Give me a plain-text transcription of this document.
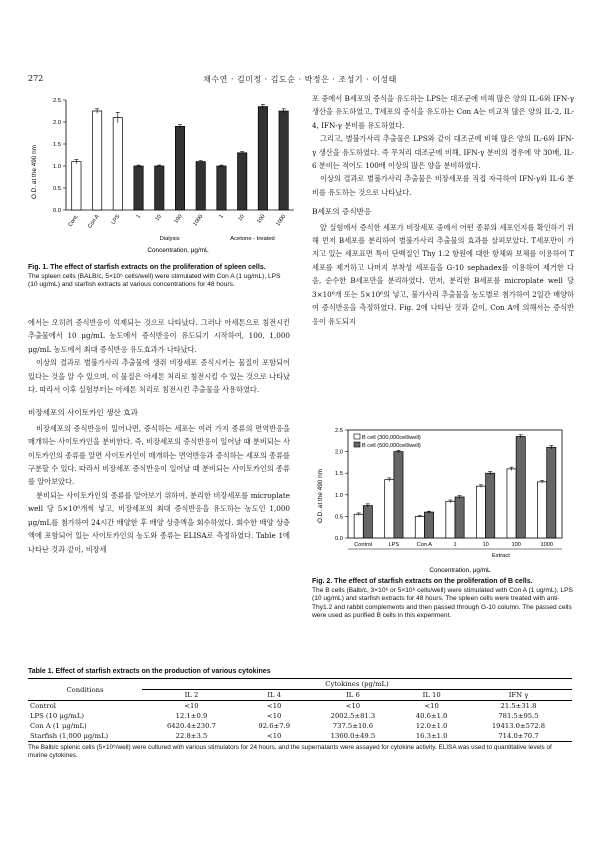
272	채수연 · 김미정 · 김도순 · 박정은 · 조성기 · 이성태
O.D. at the 490 nm
0.0
0.5
1.0
1.5
2.0
2.5
Cont. Con A LPS	1 10 100 1000	1 10 100 1000
Dialysis	Acetone - treated
Concentration, μg/mL
Fig. 1. The effect of starfish extracts on the proliferation of spleen cells.
The spleen cells (BALB/c, 5×10⁶ cells/well) were stimulated with Con A (1 ug/mL), LPS (10 ug/mL) and starfish extracts at various concentrations for 48 hours.

에서는 오히려 증식반응이 억제되는 것으로 나타났다. 그러나 아세톤으로 침전시킨 추출물에서 10 μg/mL 농도에서 증식반응이 유도되기 시작하여, 100, 1,000 μg/mL 농도에서 최대 증식반응 유도효과가 나타났다.

이상의 결과로 별불가사리 추출물에 생쥐 비장세포 증식시키는 물질이 포함되어 있다는 것을 알 수 있으며, 이 물질은 아세톤 처리로 침전시킬 수 있는 것으로 나타났다. 따라서 이후 실험부터는 아세톤 처리로 침전시킨 추출물을 사용하였다.

비장세포의 사이토카인 생산 효과

비장세포의 증식반응이 일어나면, 증식하는 세포는 여러 가지 종류의 면역반응을 매개하는 사이토카인을 분비한다. 즉, 비장세포의 증식반응이 일어날 때 분비되는 사이토카인의 종류를 알면 사이토카인이 매개하는 면역반응과 증식하는 세포의 종류를 구분할 수 있다. 따라서 비장세포 증식반응이 일어날 때 분비되는 사이토카인의 종류를 알아보았다.

분비되는 사이토카인의 종류를 알아보기 위하여, 분리한 비장세포를 microplate well 당 5×10⁶개씩 넣고, 비장세포의 최대 증식반응을 유도하는 농도인 1,000 μg/mL를 첨가하여 24시간 배양한 후 배양 상층액을 회수하였다. 회수한 배양 상층액에 포함되어 있는 사이토카인의 농도와 종류는 ELISA로 측정하였다. Table 1에 나타난 것과 같이, 비장세

포 중에서 B세포의 증식을 유도하는 LPS는 대조군에 비해 많은 양의 IL-6와 IFN-γ 생산을 유도하였고, T세포의 증식을 유도하는 Con A는 비교적 많은 양의 IL-2, IL-4, IFN-γ 분비를 유도하였다.

그리고, 별불가사리 추출물은 LPS와 같이 대조군에 비해 많은 양의 IL-6와 IFN-γ 생산을 유도하였다. 즉 무처리 대조군에 비해, IFN-γ 분비의 경우에 약 30배, IL-6 분비는 적어도 100배 이상의 많은 양을 분비하였다.

이상의 결과로 별불가사리 추출물은 비장세포를 직접 자극하여 IFN-γ와 IL-6 분비를 유도하는 것으로 나타났다.

B세포의 증식반응

앞 실험에서 증식한 세포가 비장세포 중에서 어떤 종류의 세포인지를 확인하기 위해 먼저 B세포를 분리하여 별불가사리 추출물의 효과를 살펴보았다. T세포만이 가지고 있는 세포표면 특이 단백질인 Thy 1.2 항원에 대한 항체와 보체를 이용하여 T세포를 제거하고 나머지 부착성 세포들을 G-10 sephadex를 이용하여 제거한 다음, 순수한 B세포만을 분리하였다. 먼저, 분리한 B세포를 microplate well 당 3×10⁶개 또는 5×10⁶의 넣고, 불가사리 추출물을 농도별로 첨가하여 2일간 배양하여 증식반응을 측정하였다. Fig. 2에 나타난 것과 같이, Con A에 의해서는 증식반응이 유도되지

O.D. at the 490 nm
0.0
0.5
1.0
1.5
2.0
2.5
Control	LPS	Con A	1	10	100	1000
Extract
B cell (300,000cell/well)
B cell (500,000cell/well)
Concentration, μg/mL
Fig. 2. The effect of starfish extracts on the proliferation of B cells.
The B cells (Balb/c, 3×10⁶ or 5×10⁶ cells/well) were stimulated with Con A (1 ug/mL), LPS (10 ug/mL) and starfish extracts for 48 hours. The spleen cells were treated with anti-Thy1.2 and rabbit complements and then passed through G-10 column. The passed cells were used as purified B cells in this experiment.
Table 1. Effect of starfish extracts on the production of various cytokines
Conditions	Cytokines (pg/mL)				
	IL 2	IL 4	IL 6	IL 10	IFN γ
Control	<10	<10	<10	<10	21.5±31.8
LPS (10 μg/mL)	12.1±0.9	<10	2002.5±81.3	40.6±1.0	781.5±95.5
Con A (1 μg/mL)	6420.4±230.7	92.6±7.9	737.5±10.6	12.0±1.0	19413.0±572.8
Starfish (1,000 μg/mL)	22.8±3.5	<10	1360.0±49.5	16.3±1.0	714.0±70.7
The Balb/c splenic cells (5×10⁶/well) were cultured with various stimulators for 24 hours, and the supernatants were assayed for cytokine activity. ELISA was used to quantitative levels of murine cytokines.
